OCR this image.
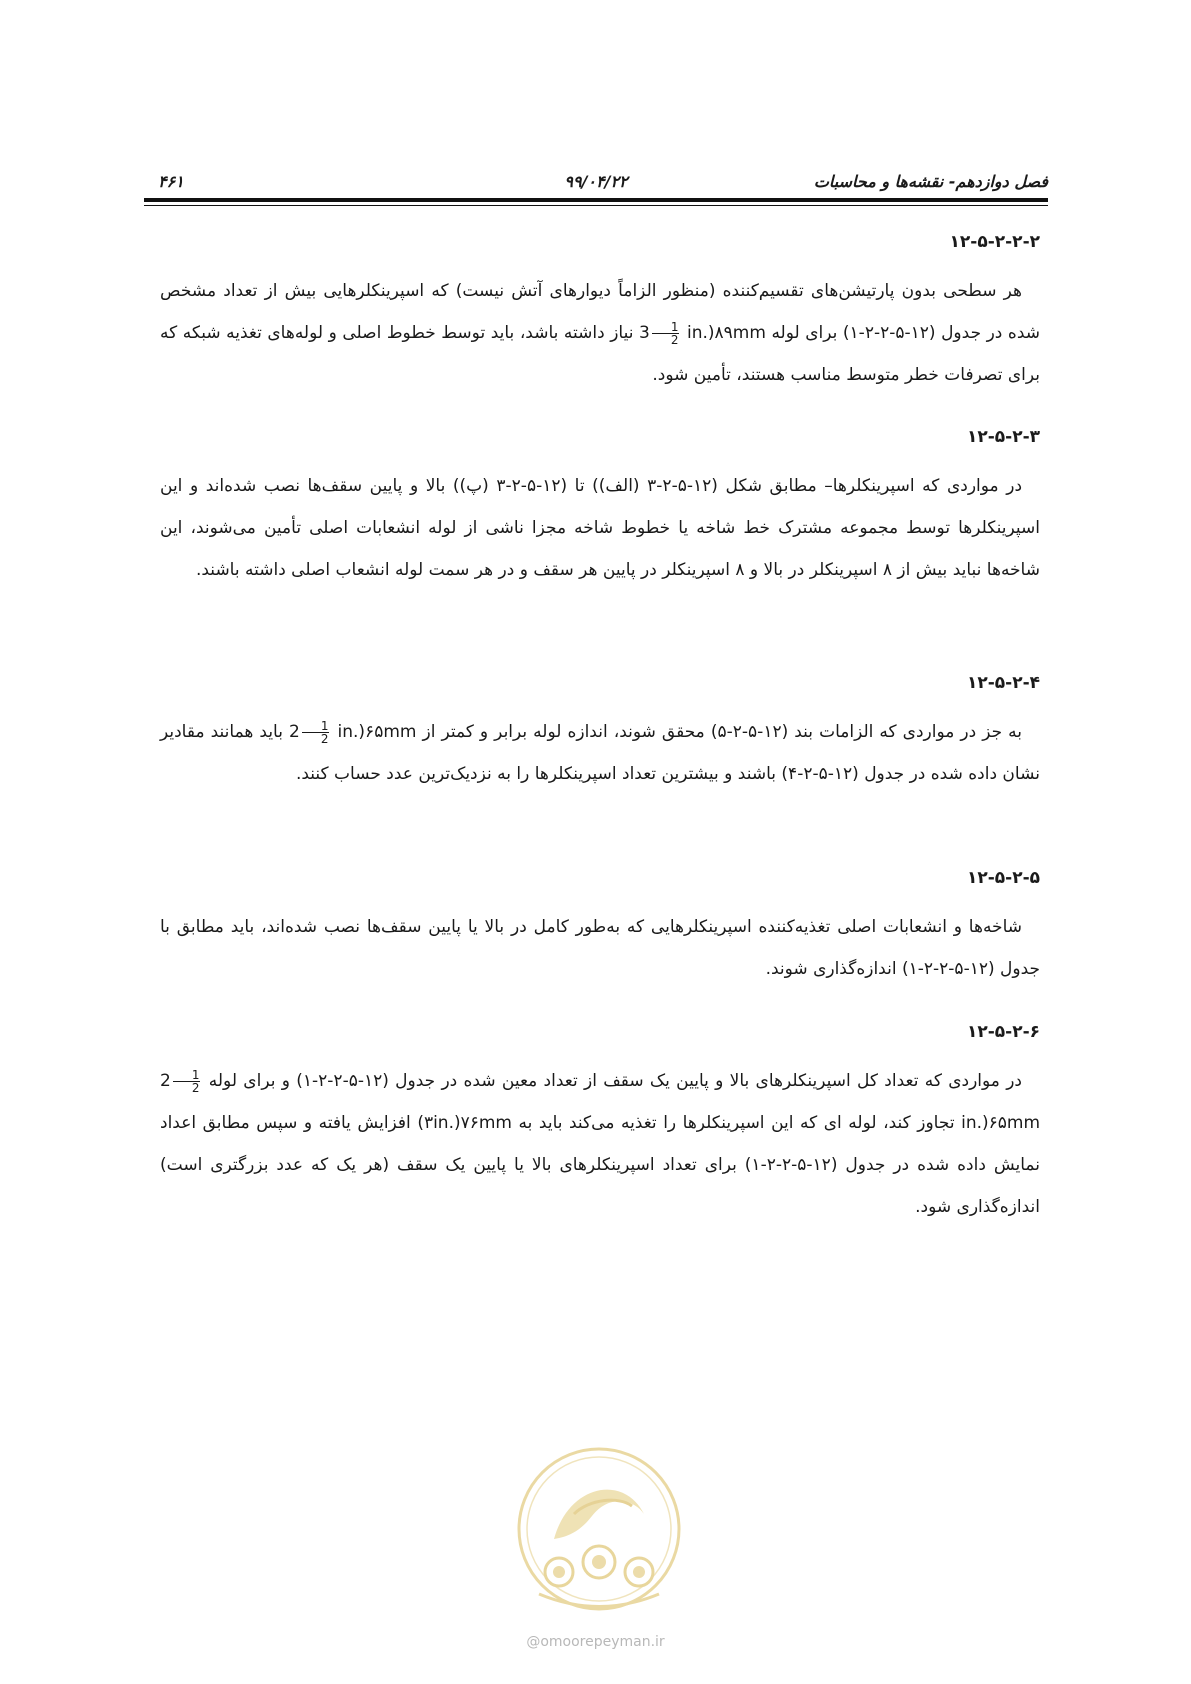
فصل دوازدهم- نقشه‌ها و محاسبات
۹۹/۰۴/۲۲
۴۶۱

۱۲-۵-۲-۲-۲

هر سطحی بدون پارتیشن‌های تقسیم‌کننده (منظور الزاماً دیوارهای آتش نیست) که اسپرینکلرهایی بیش از تعداد مشخص شده در جدول (۱۲-۵-۲-۲-۱) برای لوله $3 \frac{1}{2}$ in.)۸۹mm نیاز داشته باشد، باید توسط خطوط اصلی و لوله‌های تغذیه شبکه که برای تصرفات خطر متوسط مناسب هستند، تأمین شود.

۱۲-۵-۲-۳

در مواردی که اسپرینکلرها– مطابق شکل (۱۲-۵-۲-۳ (الف)) تا (۱۲-۵-۲-۳ (پ)) بالا و پایین سقف‌ها نصب شده‌اند و این اسپرینکلرها توسط مجموعه مشترک خط شاخه یا خطوط شاخه مجزا ناشی از لوله انشعابات اصلی تأمین می‌شوند، این شاخه‌ها نباید بیش از ۸ اسپرینکلر در بالا و ۸ اسپرینکلر در پایین هر سقف و در هر سمت لوله انشعاب اصلی داشته باشند.

۱۲-۵-۲-۴

به جز در مواردی که الزامات بند (۱۲-۵-۲-۵) محقق شوند، اندازه لوله برابر و کمتر از $2 \frac{1}{2}$ in.)۶۵mm باید همانند مقادیر نشان داده شده در جدول (۱۲-۵-۲-۴) باشند و بیشترین تعداد اسپرینکلرها را به نزدیک‌ترین عدد حساب کنند.

۱۲-۵-۲-۵

شاخه‌ها و انشعابات اصلی تغذیه‌کننده اسپرینکلرهایی که به‌طور کامل در بالا یا پایین سقف‌ها نصب شده‌اند، باید مطابق با جدول (۱۲-۵-۲-۲-۱) اندازه‌گذاری شوند.

۱۲-۵-۲-۶

در مواردی که تعداد کل اسپرینکلرهای بالا و پایین یک سقف از تعداد معین شده در جدول (۱۲-۵-۲-۲-۱) و برای لوله $2 \frac{1}{2}$
in.)۶۵mm تجاوز کند، لوله ای که این اسپرینکلرها را تغذیه می‌کند باید به (۳in.)۷۶mm افزایش یافته و سپس مطابق اعداد نمایش داده شده در جدول (۱۲-۵-۲-۲-۱) برای تعداد اسپرینکلرهای بالا یا پایین یک سقف (هر یک که عدد بزرگتری است) اندازه‌گذاری شود.

@omoorepeyman.ir
